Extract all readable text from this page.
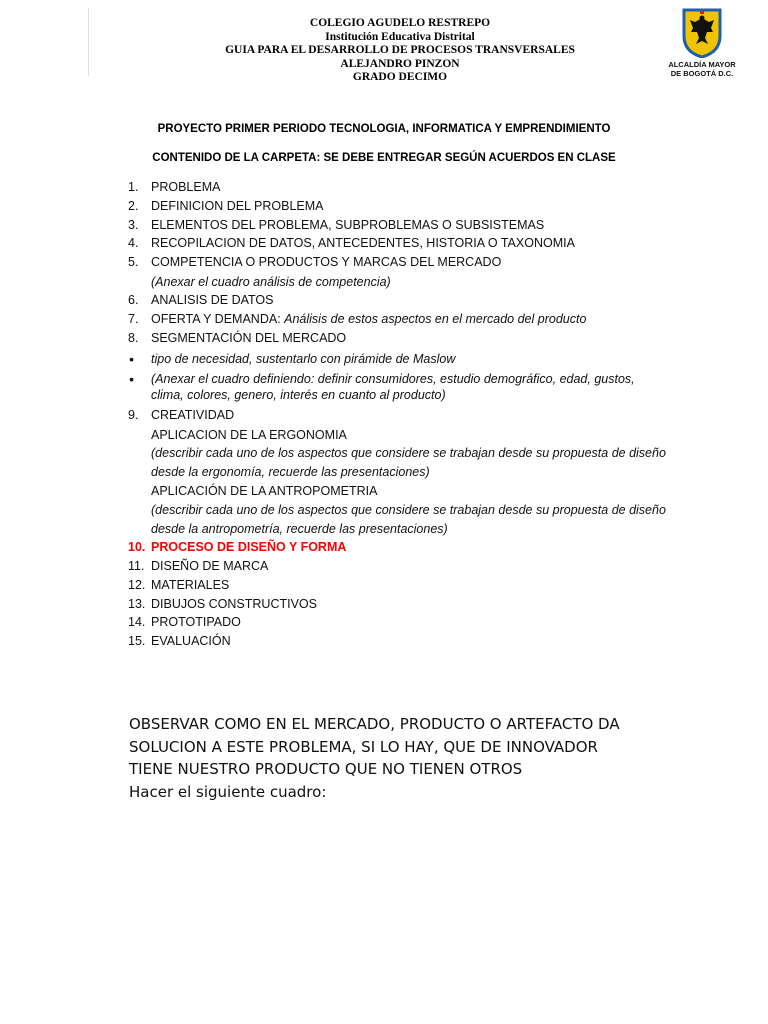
COLEGIO AGUDELO RESTREPO
Institución Educativa Distrital
GUIA PARA EL DESARROLLO DE PROCESOS TRANSVERSALES
ALEJANDRO PINZON
GRADO DECIMO
ALCALDÍA MAYOR
DE BOGOTÁ D.C.
PROYECTO PRIMER PERIODO TECNOLOGIA, INFORMATICA Y EMPRENDIMIENTO
CONTENIDO DE LA CARPETA: SE DEBE ENTREGAR SEGÚN ACUERDOS EN CLASE
1. PROBLEMA
2. DEFINICION DEL PROBLEMA
3. ELEMENTOS DEL PROBLEMA, SUBPROBLEMAS O SUBSISTEMAS
4. RECOPILACION DE DATOS, ANTECEDENTES, HISTORIA O TAXONOMIA
5. COMPETENCIA O PRODUCTOS Y MARCAS DEL MERCADO
(Anexar el cuadro análisis de competencia)
6. ANALISIS DE DATOS
7. OFERTA Y DEMANDA: Análisis de estos aspectos en el mercado del producto
8. SEGMENTACIÓN DEL MERCADO
• tipo de necesidad, sustentarlo con pirámide de Maslow
• (Anexar el cuadro definiendo: definir consumidores, estudio demográfico, edad, gustos, clima, colores, genero, interés en cuanto al producto)
9. CREATIVIDAD
APLICACION DE LA ERGONOMIA
(describir cada uno de los aspectos que considere se trabajan desde su propuesta de diseño
desde la ergonomía, recuerde las presentaciones)
APLICACIÓN DE LA ANTROPOMETRIA
(describir cada uno de los aspectos que considere se trabajan desde su propuesta de diseño
desde la antropometría, recuerde las presentaciones)
10. PROCESO DE DISEÑO Y FORMA
11. DISEÑO DE MARCA
12. MATERIALES
13. DIBUJOS CONSTRUCTIVOS
14. PROTOTIPADO
15. EVALUACIÓN
OBSERVAR COMO EN EL MERCADO, PRODUCTO O ARTEFACTO DA
SOLUCION A ESTE PROBLEMA, SI LO HAY, QUE DE INNOVADOR
TIENE NUESTRO PRODUCTO QUE NO TIENEN OTROS
Hacer el siguiente cuadro:
